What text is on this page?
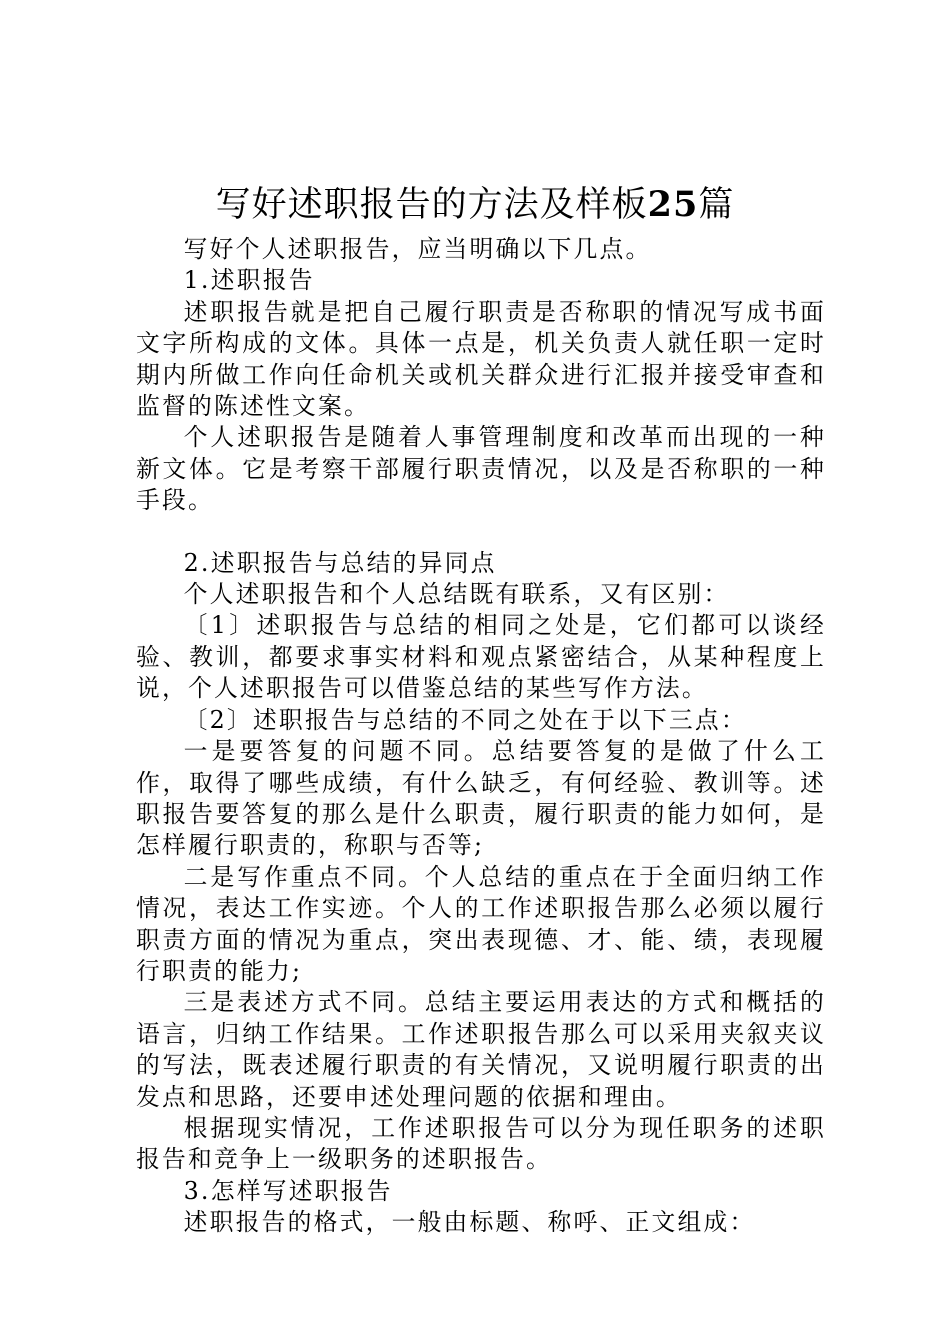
写好述职报告的方法及样板25篇

写好个人述职报告，应当明确以下几点。

1.述职报告

述职报告就是把自己履行职责是否称职的情况写成书面文字所构成的文体。具体一点是，机关负责人就任职一定时期内所做工作向任命机关或机关群众进行汇报并接受审查和监督的陈述性文案。

个人述职报告是随着人事管理制度和改革而出现的一种新文体。它是考察干部履行职责情况，以及是否称职的一种手段。

2.述职报告与总结的异同点

个人述职报告和个人总结既有联系，又有区别：

〔1〕述职报告与总结的相同之处是，它们都可以谈经验、教训，都要求事实材料和观点紧密结合，从某种程度上说，个人述职报告可以借鉴总结的某些写作方法。

〔2〕述职报告与总结的不同之处在于以下三点：

一是要答复的问题不同。总结要答复的是做了什么工作，取得了哪些成绩，有什么缺乏，有何经验、教训等。述职报告要答复的那么是什么职责，履行职责的能力如何，是怎样履行职责的，称职与否等;

二是写作重点不同。个人总结的重点在于全面归纳工作情况，表达工作实迹。个人的工作述职报告那么必须以履行职责方面的情况为重点，突出表现德、才、能、绩，表现履行职责的能力;

三是表述方式不同。总结主要运用表达的方式和概括的语言，归纳工作结果。工作述职报告那么可以采用夹叙夹议的写法，既表述履行职责的有关情况，又说明履行职责的出发点和思路，还要申述处理问题的依据和理由。

根据现实情况，工作述职报告可以分为现任职务的述职报告和竞争上一级职务的述职报告。

3.怎样写述职报告

述职报告的格式，一般由标题、称呼、正文组成：
